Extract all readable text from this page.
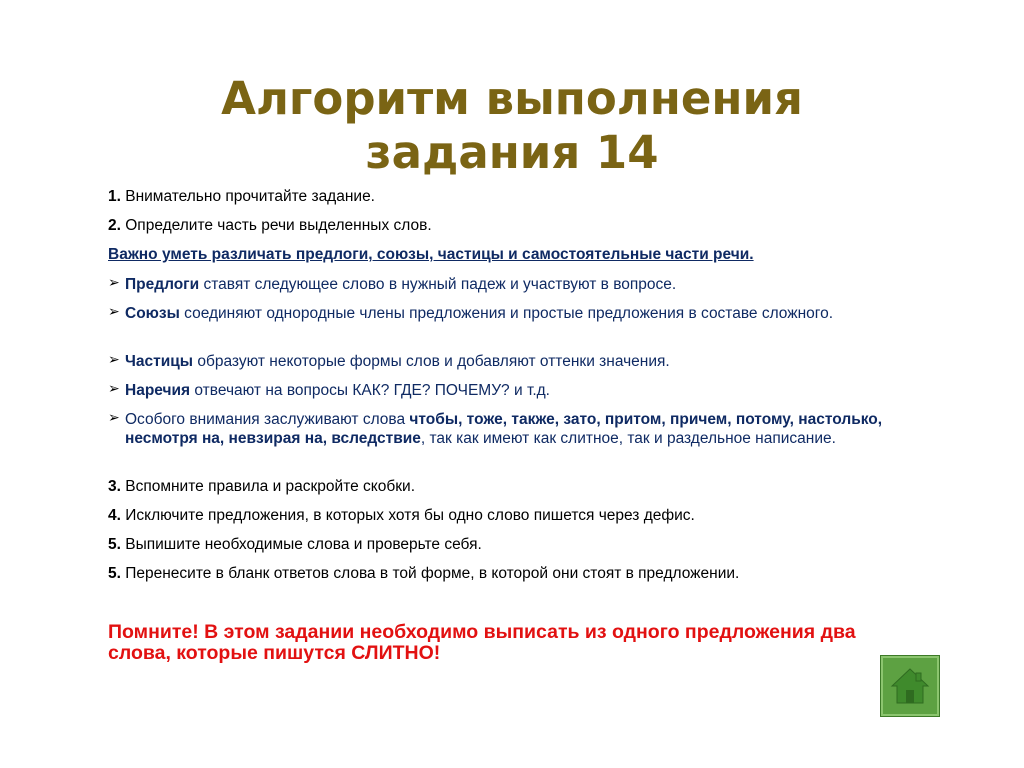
Алгоритм выполнения
задания 14
1. Внимательно прочитайте задание.
2. Определите часть речи выделенных слов.
Важно уметь различать предлоги, союзы, частицы и самостоятельные части речи.
➢ Предлоги ставят следующее слово в нужный падеж и участвуют в вопросе.
➢ Союзы соединяют однородные члены предложения и простые предложения в составе сложного.
➢ Частицы образуют некоторые формы слов и добавляют оттенки значения.
➢ Наречия отвечают на вопросы КАК? ГДЕ? ПОЧЕМУ? и т.д.
➢ Особого внимания заслуживают слова чтобы, тоже, также, зато, притом, причем, потому, настолько, несмотря на, невзирая на, вследствие, так как имеют как слитное, так и раздельное написание.
3. Вспомните правила и раскройте скобки.
4. Исключите предложения, в которых хотя бы одно слово пишется через дефис.
5. Выпишите необходимые слова и проверьте себя.
5. Перенесите в бланк ответов слова в той форме, в которой они стоят в предложении.
Помните! В этом задании необходимо выписать из одного предложения два слова, которые пишутся СЛИТНО!
